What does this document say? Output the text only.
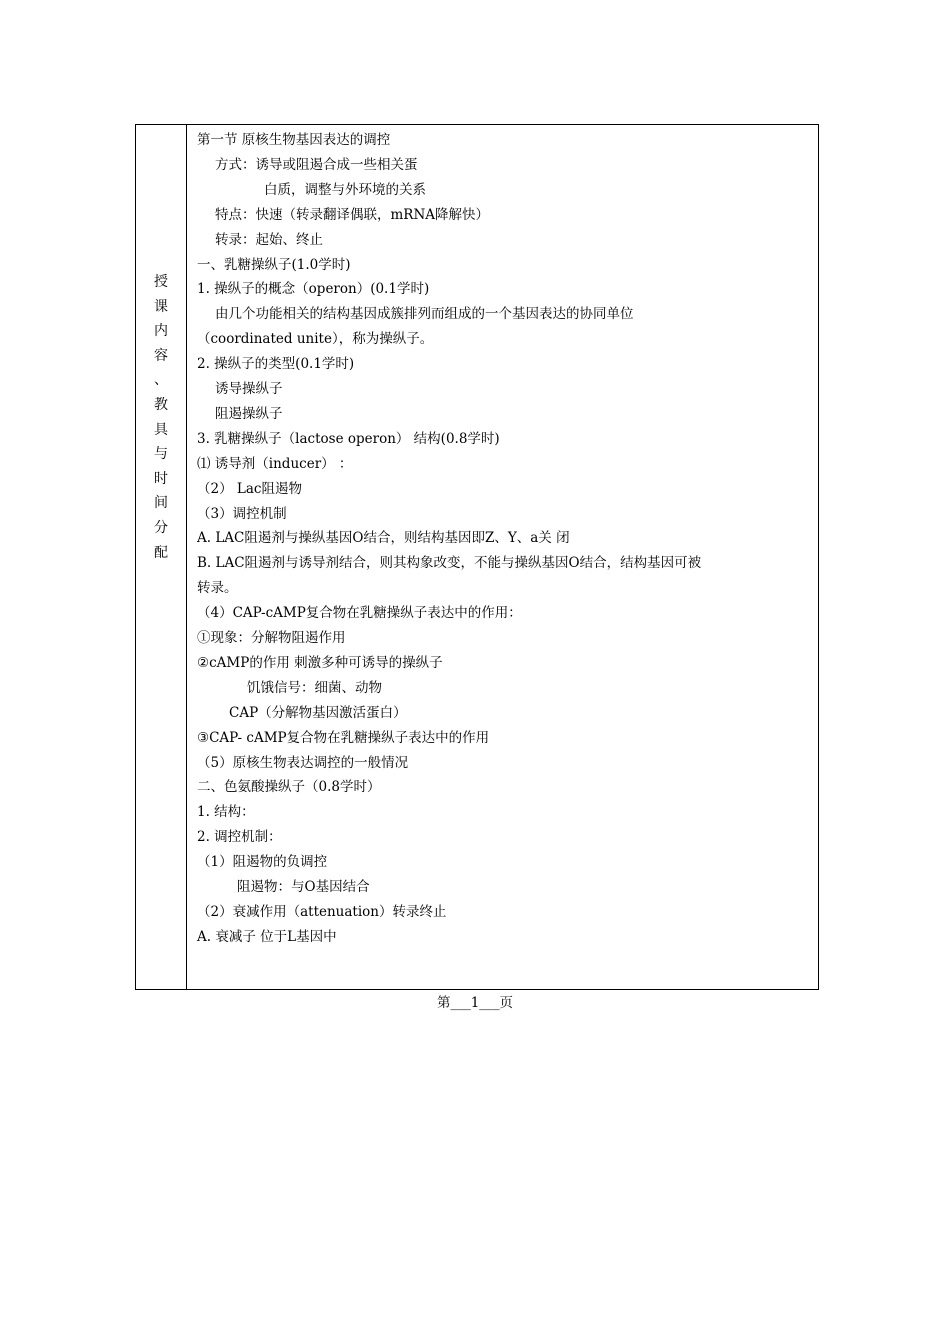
授
课
内
容
、
教
具
与
时
间
分
配
第一节 原核生物基因表达的调控
方式：诱导或阻遏合成一些相关蛋
白质，调整与外环境的关系
特点：快速（转录翻译偶联，mRNA降解快）
转录：起始、终止
一、乳糖操纵子(1.0学时)
1. 操纵子的概念（operon）(0.1学时)
由几个功能相关的结构基因成簇排列而组成的一个基因表达的协同单位
（coordinated unite），称为操纵子。
2. 操纵子的类型(0.1学时)
诱导操纵子
阻遏操纵子
3. 乳糖操纵子（lactose operon） 结构(0.8学时)
⑴ 诱导剂（inducer） ：
（2） Lac阻遏物
（3）调控机制
A. LAC阻遏剂与操纵基因O结合，则结构基因即Z、Y、a关 闭
B. LAC阻遏剂与诱导剂结合，则其构象改变，不能与操纵基因O结合，结构基因可被
转录。
（4）CAP-cAMP复合物在乳糖操纵子表达中的作用：
①现象：分解物阻遏作用
②cAMP的作用 刺激多种可诱导的操纵子
饥饿信号：细菌、动物
CAP（分解物基因激活蛋白）
③CAP- cAMP复合物在乳糖操纵子表达中的作用
（5）原核生物表达调控的一般情况
二、色氨酸操纵子（0.8学时）
1. 结构：
2. 调控机制：
（1）阻遏物的负调控
阻遏物：与O基因结合
（2）衰减作用（attenuation）转录终止
A. 衰减子 位于L基因中
第___1___页
